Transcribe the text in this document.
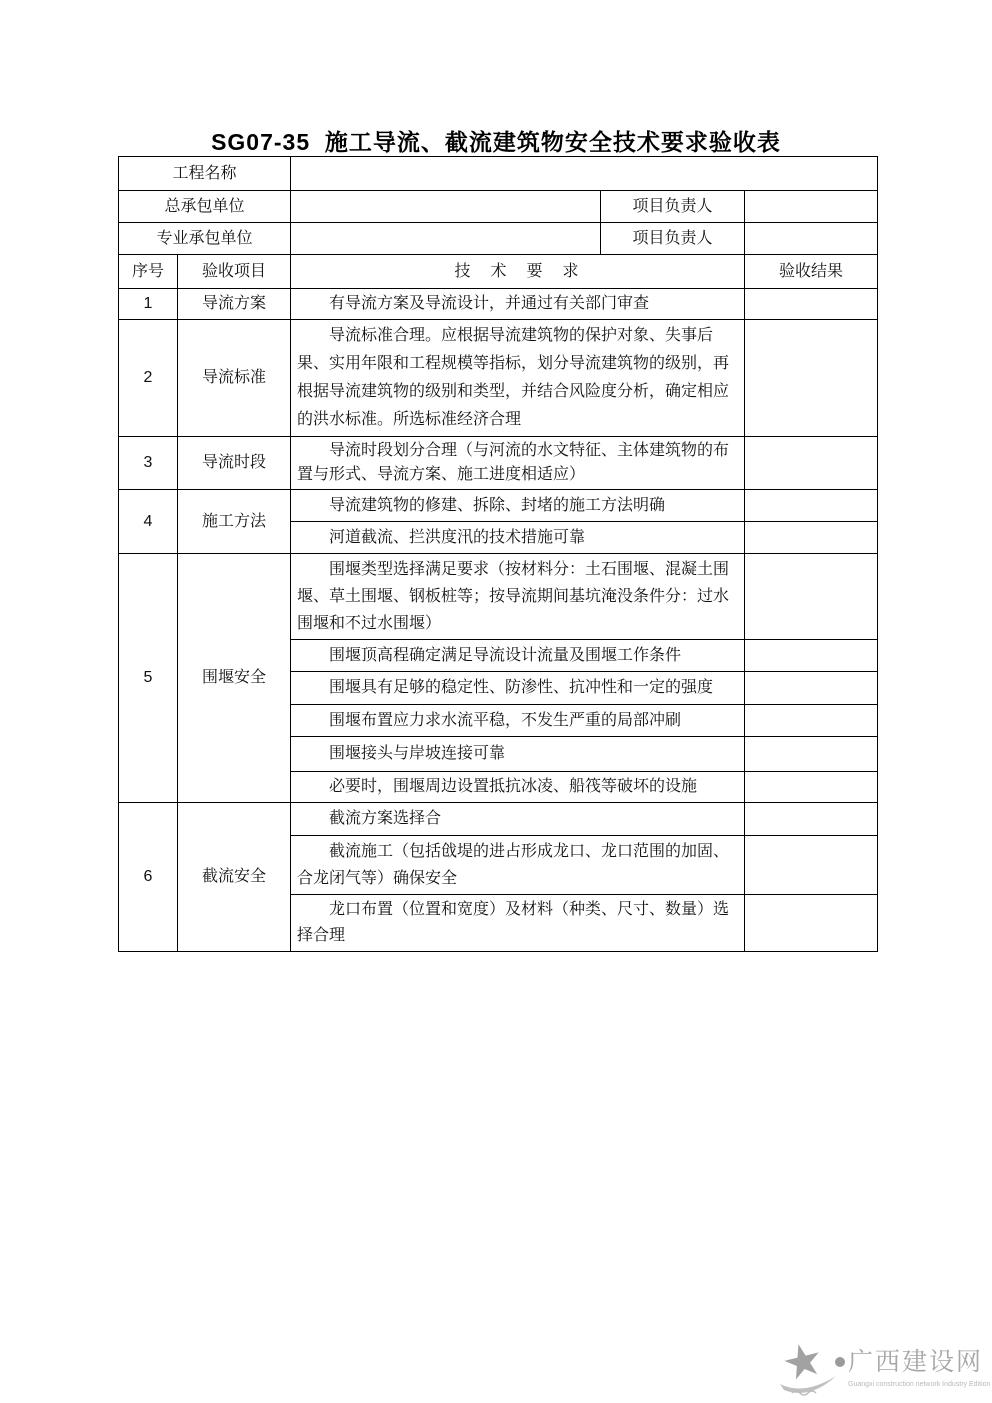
SG07-35  施工导流、截流建筑物安全技术要求验收表
工程名称				
总承包单位			项目负责人	
专业承包单位			项目负责人	
序号	验收项目	技　术　要　求		验收结果
1	导流方案	有导流方案及导流设计，并通过有关部门审查		
2	导流标准	导流标准合理。应根据导流建筑物的保护对象、失事后果、实用年限和工程规模等指标，划分导流建筑物的级别，再根据导流建筑物的级别和类型，并结合风险度分析，确定相应的洪水标准。所选标准经济合理		
3	导流时段	导流时段划分合理（与河流的水文特征、主体建筑物的布置与形式、导流方案、施工进度相适应）		
4	施工方法	导流建筑物的修建、拆除、封堵的施工方法明确		
		河道截流、拦洪度汛的技术措施可靠		
5	围堰安全	围堰类型选择满足要求（按材料分：土石围堰、混凝土围堰、草土围堰、钢板桩等；按导流期间基坑淹没条件分：过水围堰和不过水围堰）		
		围堰顶高程确定满足导流设计流量及围堰工作条件		
		围堰具有足够的稳定性、防渗性、抗冲性和一定的强度		
		围堰布置应力求水流平稳，不发生严重的局部冲刷		
		围堰接头与岸坡连接可靠		
		必要时，围堰周边设置抵抗冰凌、船筏等破坏的设施		
6	截流安全	截流方案选择合		
		截流施工（包括戗堤的进占形成龙口、龙口范围的加固、合龙闭气等）确保安全		
		龙口布置（位置和宽度）及材料（种类、尺寸、数量）选择合理		
★ 广西建设网
Guangxi construction network Industry Edition
